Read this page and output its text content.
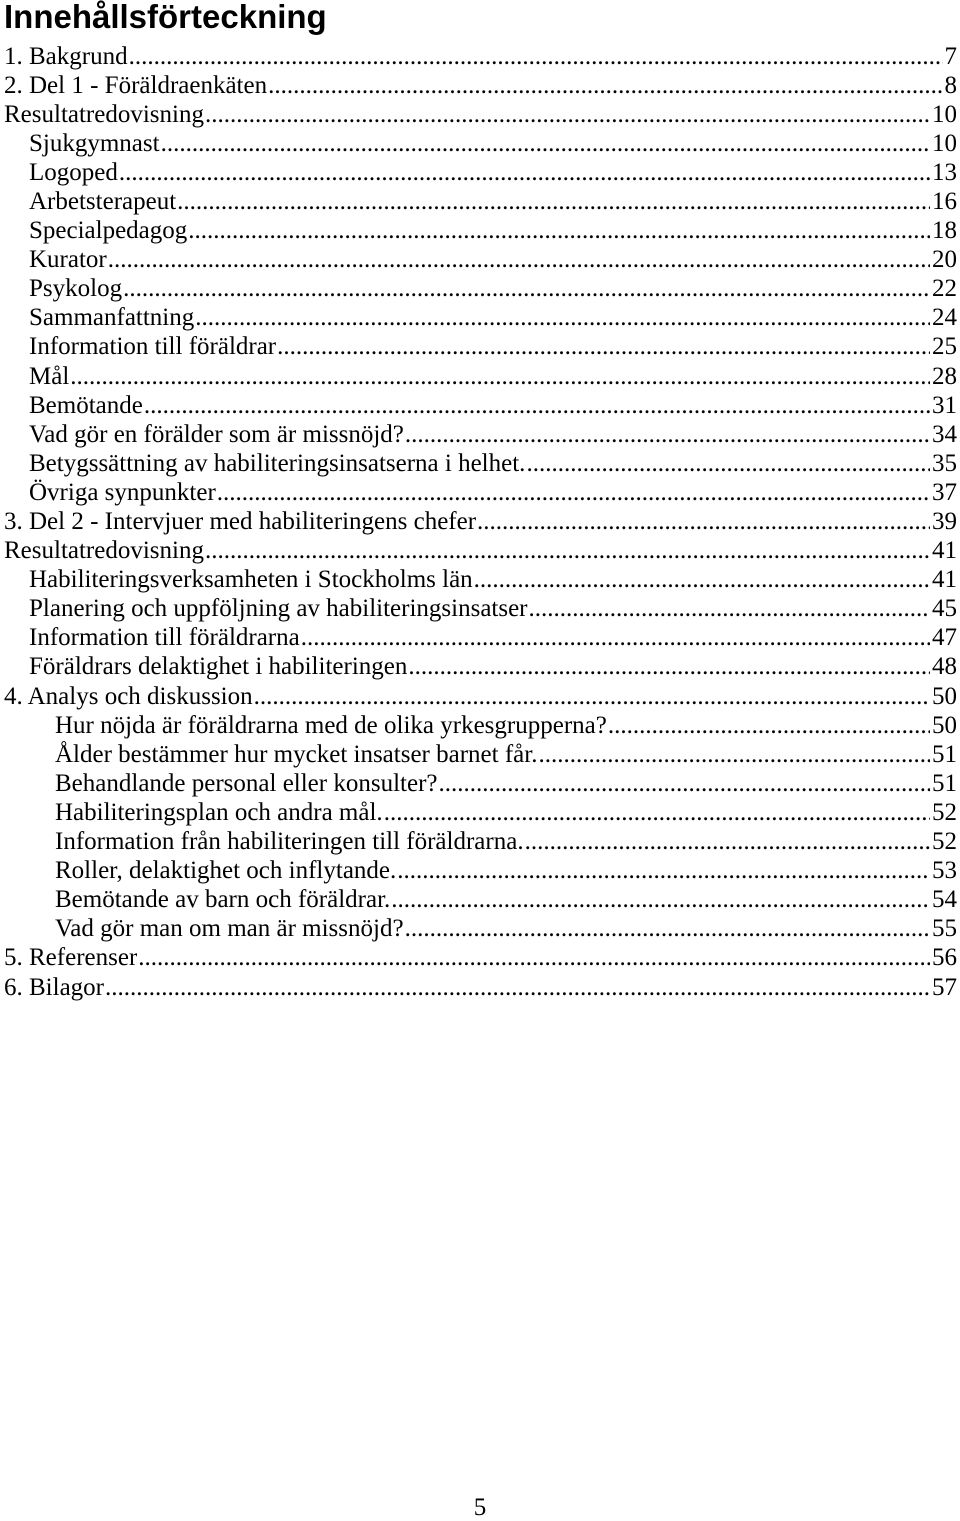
Innehållsförteckning
1. Bakgrund .....	7
2. Del 1 - Föräldraenkäten .....	8
Resultatredovisning .....	10
Sjukgymnast .....	10
Logoped .....	13
Arbetsterapeut .....	16
Specialpedagog .....	18
Kurator .....	20
Psykolog .....	22
Sammanfattning .....	24
Information till föräldrar .....	25
Mål .....	28
Bemötande .....	31
Vad gör en förälder som är missnöjd? .....	34
Betygssättning av habiliteringsinsatserna i helhet. .....	35
Övriga synpunkter .....	37
3. Del 2 - Intervjuer med habiliteringens chefer .....	39
Resultatredovisning .....	41
Habiliteringsverksamheten i Stockholms län .....	41
Planering och uppföljning av habiliteringsinsatser .....	45
Information till föräldrarna .....	47
Föräldrars delaktighet i habiliteringen .....	48
4. Analys och diskussion .....	50
Hur nöjda är föräldrarna med de olika yrkesgrupperna? .....	50
Ålder bestämmer hur mycket insatser barnet får. .....	51
Behandlande personal eller konsulter? .....	51
Habiliteringsplan och andra mål. .....	52
Information från habiliteringen till föräldrarna. .....	52
Roller, delaktighet och inflytande. .....	53
Bemötande av barn och föräldrar. .....	54
Vad gör man om man är missnöjd? .....	55
5. Referenser .....	56
6. Bilagor .....	57
5
